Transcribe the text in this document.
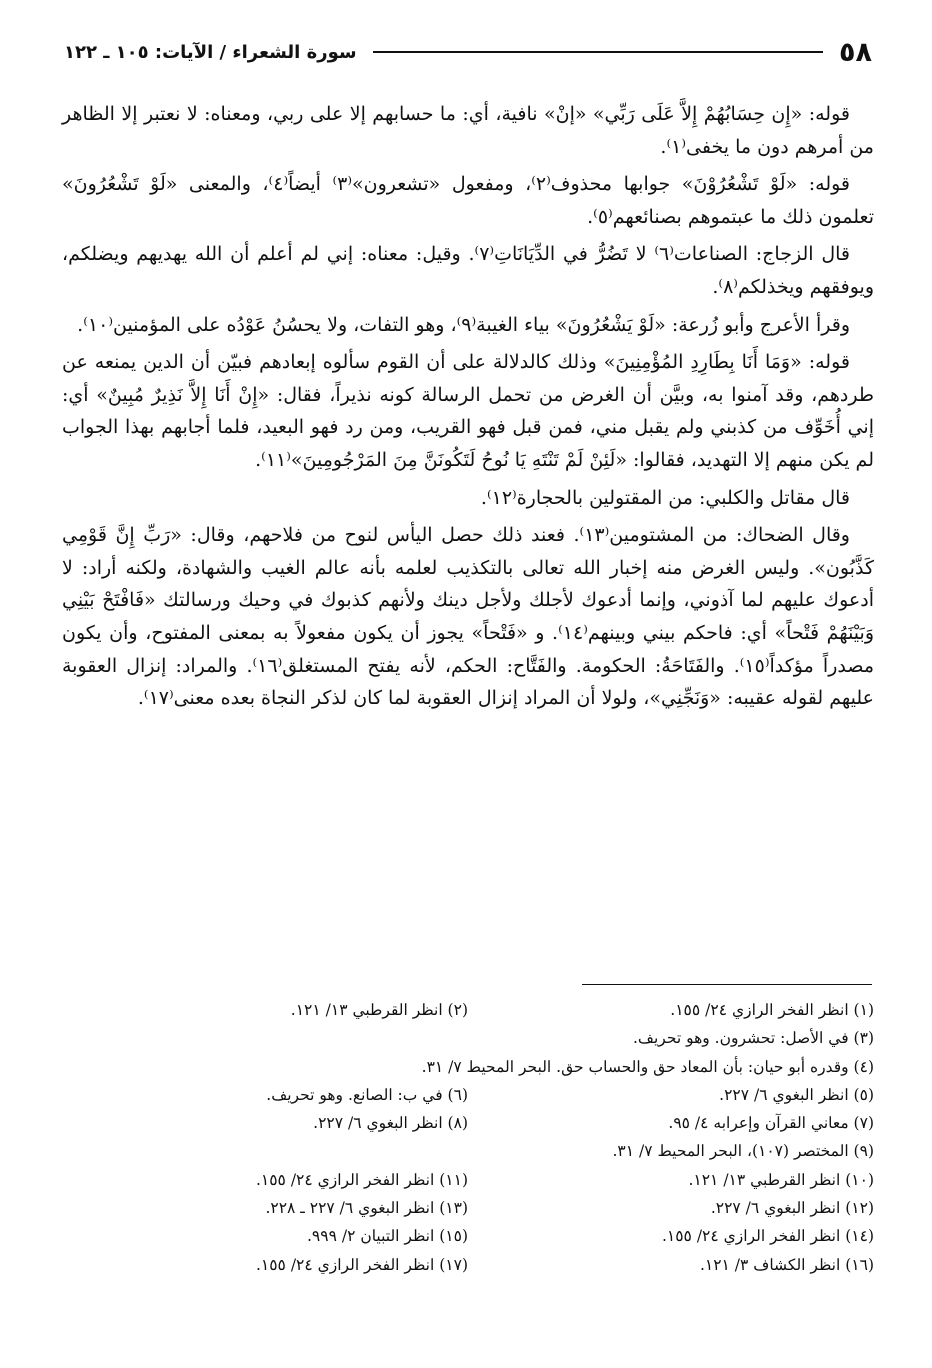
٥٨
سورة الشعراء / الآيات: ١٠٥ ـ ١٢٢

قوله: «إِن حِسَابُهُمْ إِلاَّ عَلَى رَبِّي» «إنْ» نافية، أي: ما حسابهم إلا على ربي، ومعناه: لا نعتبر إلا الظاهر من أمرهم دون ما يخفى⁽١⁾.

قوله: «لَوْ تَشْعُرُوْنَ» جوابها محذوف⁽٢⁾، ومفعول «تشعرون»⁽٣⁾ أيضاً⁽٤⁾، والمعنى «لَوْ تَشْعُرُونَ» تعلمون ذلك ما عبتموهم بصنائعهم⁽٥⁾.

قال الزجاج: الصناعات⁽٦⁾ لا تَضُرُّ في الدِّيَانَاتِ⁽٧⁾. وقيل: معناه: إني لم أعلم أن الله يهديهم ويضلكم، ويوفقهم ويخذلكم⁽٨⁾.

وقرأ الأعرج وأبو زُرعة: «لَوْ يَشْعُرُونَ» بياء الغيبة⁽٩⁾، وهو التفات، ولا يحسُنُ عَوْدُه على المؤمنين⁽١٠⁾.

قوله: «وَمَا أَنَا بِطَارِدِ المُؤْمِنِينَ» وذلك كالدلالة على أن القوم سألوه إبعادهم فبيّن أن الدين يمنعه عن طردهم، وقد آمنوا به، وبيَّن أن الغرض من تحمل الرسالة كونه نذيراً، فقال: «إِنْ أَنَا إِلاَّ نَذِيرٌ مُبِينٌ» أي: إني أُخَوِّف من كذبني ولم يقبل مني، فمن قبل فهو القريب، ومن رد فهو البعيد، فلما أجابهم بهذا الجواب لم يكن منهم إلا التهديد، فقالوا: «لَئِنْ لَمْ تَنْتَهِ يَا نُوحُ لَتَكُونَنَّ مِنَ المَرْجُومِينَ»⁽١١⁾.

قال مقاتل والكلبي: من المقتولين بالحجارة⁽١٢⁾.

وقال الضحاك: من المشتومين⁽١٣⁾. فعند ذلك حصل اليأس لنوح من فلاحهم، وقال: «رَبِّ إِنَّ قَوْمِي كَذَّبُون». وليس الغرض منه إخبار الله تعالى بالتكذيب لعلمه بأنه عالم الغيب والشهادة، ولكنه أراد: لا أدعوك عليهم لما آذوني، وإنما أدعوك لأجلك ولأجل دينك ولأنهم كذبوك في وحيك ورسالتك «فَافْتَحْ بَيْنِي وَبَيْنَهُمْ فَتْحاً» أي: فاحكم بيني وبينهم⁽١٤⁾. و «فَتْحاً» يجوز أن يكون مفعولاً به بمعنى المفتوح، وأن يكون مصدراً مؤكداً⁽١٥⁾. والفَتَاحَةُ: الحكومة. والفَتَّاح: الحكم، لأنه يفتح المستغلق⁽١٦⁾. والمراد: إنزال العقوبة عليهم لقوله عقيبه: «وَنَجِّنِي»، ولولا أن المراد إنزال العقوبة لما كان لذكر النجاة بعده معنى⁽١٧⁾.

(١) انظر الفخر الرازي ٢٤/ ١٥٥.
(٢) انظر القرطبي ١٣/ ١٢١.
(٣) في الأصل: تحشرون. وهو تحريف.
(٤) وقدره أبو حيان: بأن المعاد حق والحساب حق. البحر المحيط ٧/ ٣١.
(٥) انظر البغوي ٦/ ٢٢٧.
(٦) في ب: الصانع. وهو تحريف.
(٧) معاني القرآن وإعرابه ٤/ ٩٥.
(٨) انظر البغوي ٦/ ٢٢٧.
(٩) المختصر (١٠٧)، البحر المحيط ٧/ ٣١.
(١٠) انظر القرطبي ١٣/ ١٢١.
(١١) انظر الفخر الرازي ٢٤/ ١٥٥.
(١٢) انظر البغوي ٦/ ٢٢٧.
(١٣) انظر البغوي ٦/ ٢٢٧ ـ ٢٢٨.
(١٤) انظر الفخر الرازي ٢٤/ ١٥٥.
(١٥) انظر التبيان ٢/ ٩٩٩.
(١٦) انظر الكشاف ٣/ ١٢١.
(١٧) انظر الفخر الرازي ٢٤/ ١٥٥.
